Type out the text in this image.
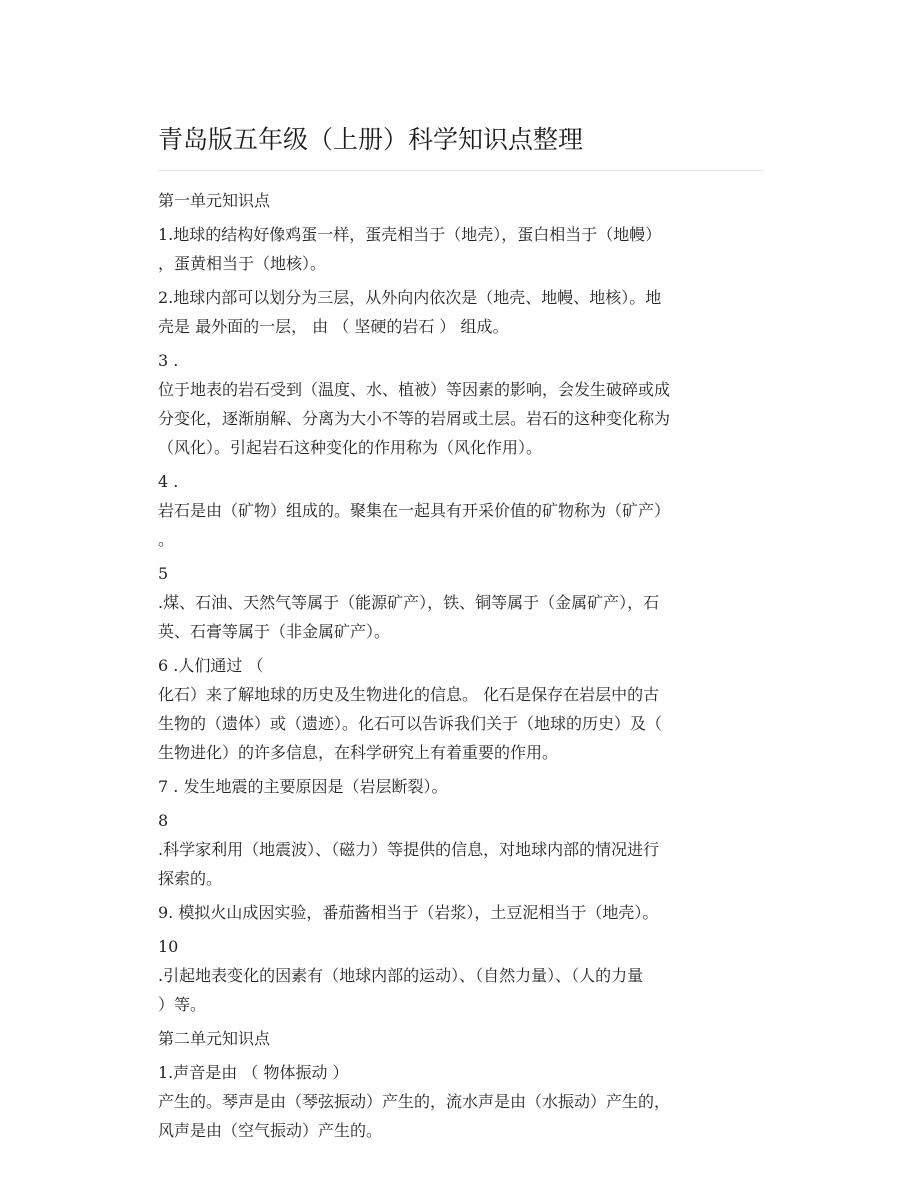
青岛版五年级（上册）科学知识点整理

第一单元知识点

1.地球的结构好像鸡蛋一样，蛋壳相当于（地壳），蛋白相当于（地幔）
，蛋黄相当于（地核）。

2.地球内部可以划分为三层，从外向内依次是（地壳、地幔、地核）。地
壳是 最外面的一层， 由 （ 坚硬的岩石 ） 组成。

3 .
位于地表的岩石受到（温度、水、植被）等因素的影响，会发生破碎或成
分变化，逐渐崩解、分离为大小不等的岩屑或土层。岩石的这种变化称为
（风化）。引起岩石这种变化的作用称为（风化作用）。

4 .
岩石是由（矿物）组成的。聚集在一起具有开采价值的矿物称为（矿产）
。

5
.煤、石油、天然气等属于（能源矿产），铁、铜等属于（金属矿产），石
英、石膏等属于（非金属矿产）。

6 .人们通过 （
化石）来了解地球的历史及生物进化的信息。 化石是保存在岩层中的古
生物的（遗体）或（遗迹）。化石可以告诉我们关于（地球的历史）及（
生物进化）的许多信息，在科学研究上有着重要的作用。

7 . 发生地震的主要原因是（岩层断裂）。

8
.科学家利用（地震波）、（磁力）等提供的信息，对地球内部的情况进行
探索的。

9. 模拟火山成因实验，番茄酱相当于（岩浆），土豆泥相当于（地壳）。

10
.引起地表变化的因素有（地球内部的运动）、（自然力量）、（人的力量
）等。

第二单元知识点

1.声音是由 （ 物体振动 ）
产生的。琴声是由（琴弦振动）产生的，流水声是由（水振动）产生的，
风声是由（空气振动）产生的。
